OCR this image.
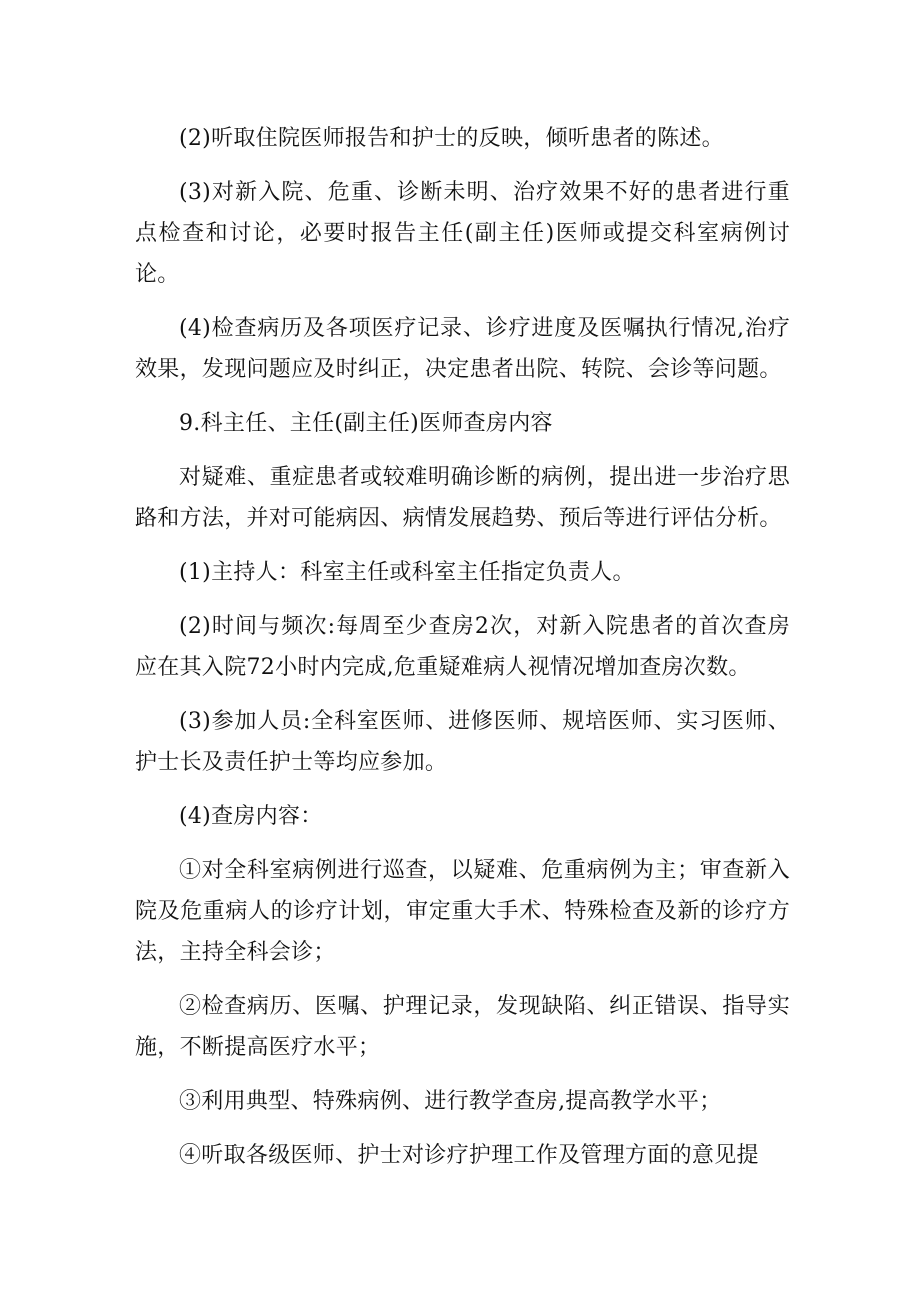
(2)听取住院医师报告和护士的反映，倾听患者的陈述。

(3)对新入院、危重、诊断未明、治疗效果不好的患者进行重点检查和讨论，必要时报告主任(副主任)医师或提交科室病例讨论。

(4)检查病历及各项医疗记录、诊疗进度及医嘱执行情况,治疗效果，发现问题应及时纠正，决定患者出院、转院、会诊等问题。

9.科主任、主任(副主任)医师查房内容

对疑难、重症患者或较难明确诊断的病例，提出进一步治疗思路和方法，并对可能病因、病情发展趋势、预后等进行评估分析。

(1)主持人：科室主任或科室主任指定负责人。

(2)时间与频次:每周至少查房2次，对新入院患者的首次查房应在其入院72小时内完成,危重疑难病人视情况增加查房次数。

(3)参加人员:全科室医师、进修医师、规培医师、实习医师、护士长及责任护士等均应参加。

(4)查房内容：

①对全科室病例进行巡查，以疑难、危重病例为主；审查新入院及危重病人的诊疗计划，审定重大手术、特殊检查及新的诊疗方法，主持全科会诊；

②检查病历、医嘱、护理记录，发现缺陷、纠正错误、指导实施，不断提高医疗水平；

③利用典型、特殊病例、进行教学查房,提高教学水平；

④听取各级医师、护士对诊疗护理工作及管理方面的意见提
